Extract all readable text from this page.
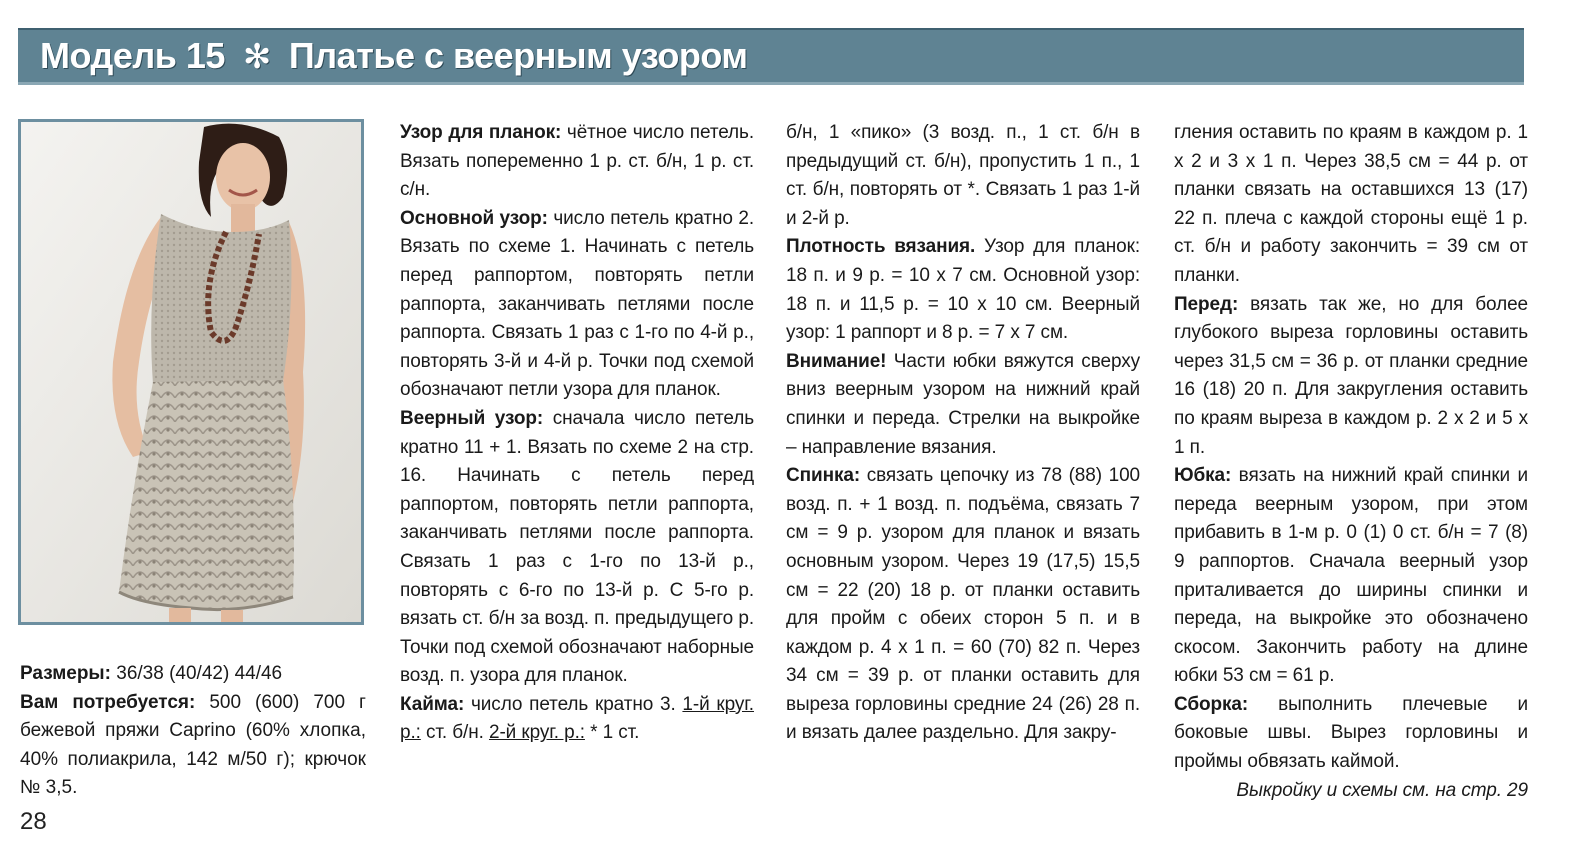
Модель 15 ✻ Платье с веерным узором

Размеры: 36/38 (40/42) 44/46

Вам потребуется: 500 (600) 700 г бежевой пряжи Caprino (60% хлопка, 40% полиакрила, 142 м/50 г); крючок № 3,5.

28

Узор для планок: чётное число петель. Вязать попеременно 1 р. ст. б/н, 1 р. ст. с/н.

Основной узор: число петель кратно 2. Вязать по схеме 1. Начинать с петель перед раппортом, повторять петли раппорта, заканчивать петлями после раппорта. Связать 1 раз с 1-го по 4-й р., повторять 3-й и 4-й р. Точки под схемой обозначают петли узора для планок.

Веерный узор: сначала число петель кратно 11 + 1. Вязать по схеме 2 на стр. 16. Начинать с петель перед раппортом, повторять петли раппорта, заканчивать петлями после раппорта. Связать 1 раз с 1-го по 13-й р., повторять с 6-го по 13-й р. С 5-го р. вязать ст. б/н за возд. п. предыдущего р. Точки под схемой обозначают наборные возд. п. узора для планок.

Кайма: число петель кратно 3. 1-й круг. р.: ст. б/н. 2-й круг. р.: * 1 ст.

б/н, 1 «пико» (3 возд. п., 1 ст. б/н в предыдущий ст. б/н), пропустить 1 п., 1 ст. б/н, повторять от *. Связать 1 раз 1-й и 2-й р.

Плотность вязания. Узор для планок: 18 п. и 9 р. = 10 х 7 см. Основной узор: 18 п. и 11,5 р. = 10 х 10 см. Веерный узор: 1 раппорт и 8 р. = 7 х 7 см.

Внимание! Части юбки вяжутся сверху вниз веерным узором на нижний край спинки и переда. Стрелки на выкройке – направление вязания.

Спинка: связать цепочку из 78 (88) 100 возд. п. + 1 возд. п. подъёма, связать 7 см = 9 р. узором для планок и вязать основным узором. Через 19 (17,5) 15,5 см = 22 (20) 18 р. от планки оставить для пройм с обеих сторон 5 п. и в каждом р. 4 х 1 п. = 60 (70) 82 п. Через 34 см = 39 р. от планки оставить для выреза горловины средние 24 (26) 28 п. и вязать далее раздельно. Для закру-

гления оставить по краям в каждом р. 1 х 2 и 3 х 1 п. Через 38,5 см = 44 р. от планки связать на оставшихся 13 (17) 22 п. плеча с каждой стороны ещё 1 р. ст. б/н и работу закончить = 39 см от планки.

Перед: вязать так же, но для более глубокого выреза горловины оставить через 31,5 см = 36 р. от планки средние 16 (18) 20 п. Для закругления оставить по краям выреза в каждом р. 2 х 2 и 5 х 1 п.

Юбка: вязать на нижний край спинки и переда веерным узором, при этом прибавить в 1-м р. 0 (1) 0 ст. б/н = 7 (8) 9 раппортов. Сначала веерный узор приталивается до ширины спинки и переда, на выкройке это обозначено скосом. Закончить работу на длине юбки 53 см = 61 р.

Сборка: выполнить плечевые и боковые швы. Вырез горловины и проймы обвязать каймой.

Выкройку и схемы см. на стр. 29
